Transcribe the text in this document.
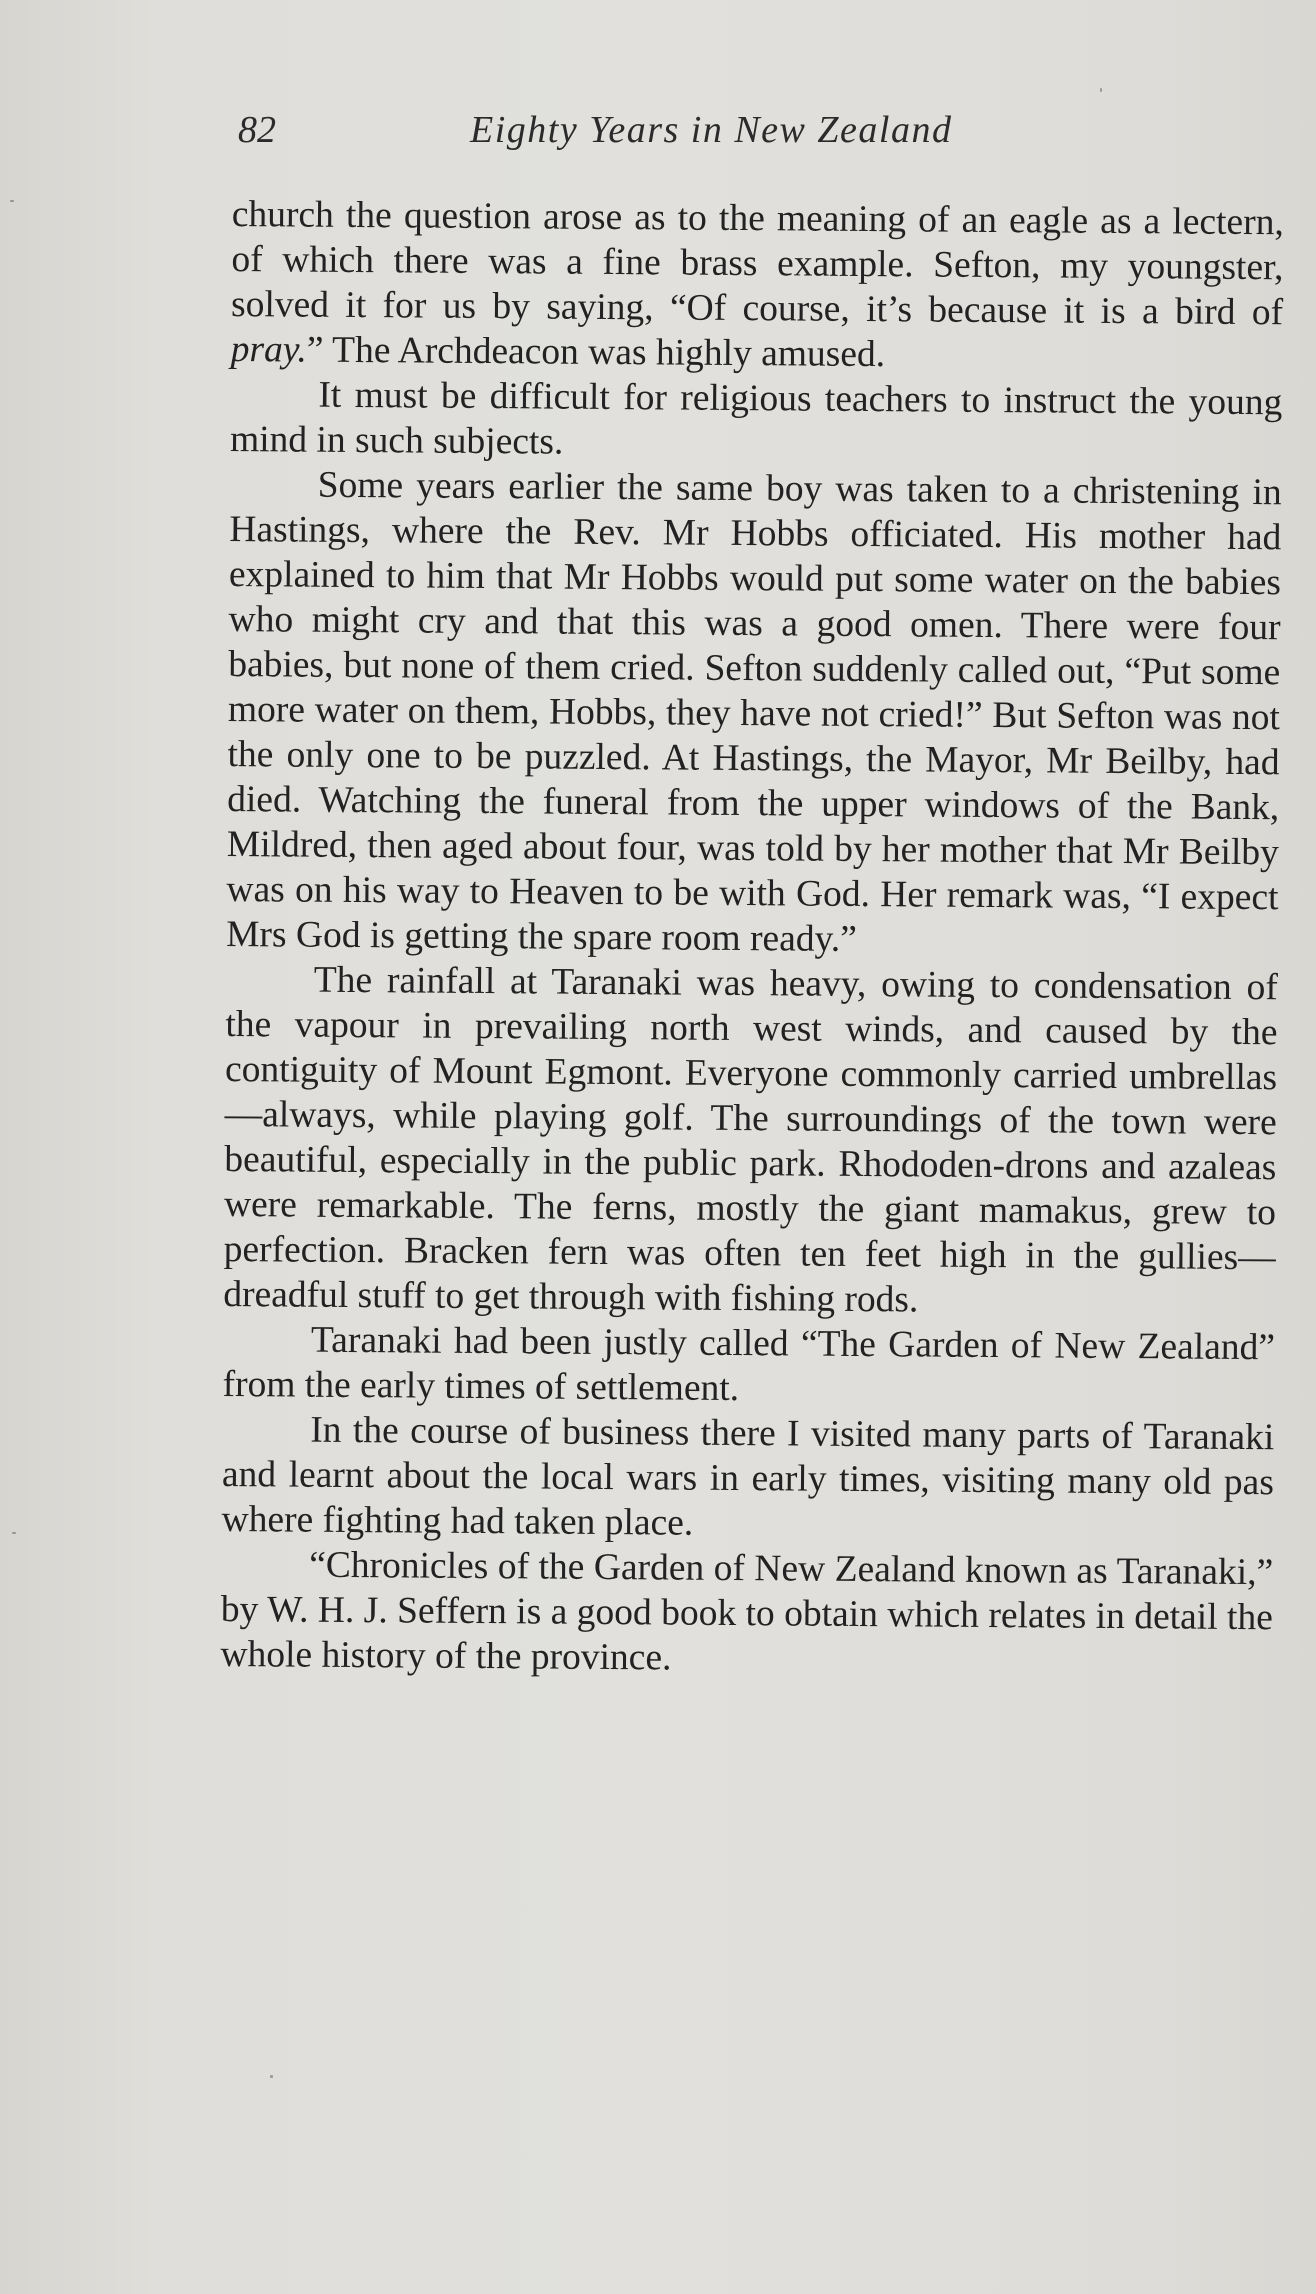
82	Eighty Years in New Zealand

church the question arose as to the meaning of an eagle as a lectern, of which there was a fine brass example. Sefton, my youngster, solved it for us by saying, “Of course, it’s because it is a bird of pray.” The Archdeacon was highly amused.

It must be difficult for religious teachers to instruct the young mind in such subjects.

Some years earlier the same boy was taken to a christening in Hastings, where the Rev. Mr Hobbs officiated. His mother had explained to him that Mr Hobbs would put some water on the babies who might cry and that this was a good omen. There were four babies, but none of them cried. Sefton suddenly called out, “Put some more water on them, Hobbs, they have not cried!” But Sefton was not the only one to be puzzled. At Hastings, the Mayor, Mr Beilby, had died. Watching the funeral from the upper windows of the Bank, Mildred, then aged about four, was told by her mother that Mr Beilby was on his way to Heaven to be with God. Her remark was, “I expect Mrs God is getting the spare room ready.”

The rainfall at Taranaki was heavy, owing to condensation of the vapour in prevailing north west winds, and caused by the contiguity of Mount Egmont. Everyone commonly carried umbrellas—always, while playing golf. The surroundings of the town were beautiful, especially in the public park. Rhododen-drons and azaleas were remarkable. The ferns, mostly the giant mamakus, grew to perfection. Bracken fern was often ten feet high in the gullies—dreadful stuff to get through with fishing rods.

Taranaki had been justly called “The Garden of New Zealand” from the early times of settlement.

In the course of business there I visited many parts of Taranaki and learnt about the local wars in early times, visiting many old pas where fighting had taken place.

“Chronicles of the Garden of New Zealand known as Taranaki,” by W. H. J. Seffern is a good book to obtain which relates in detail the whole history of the province.
